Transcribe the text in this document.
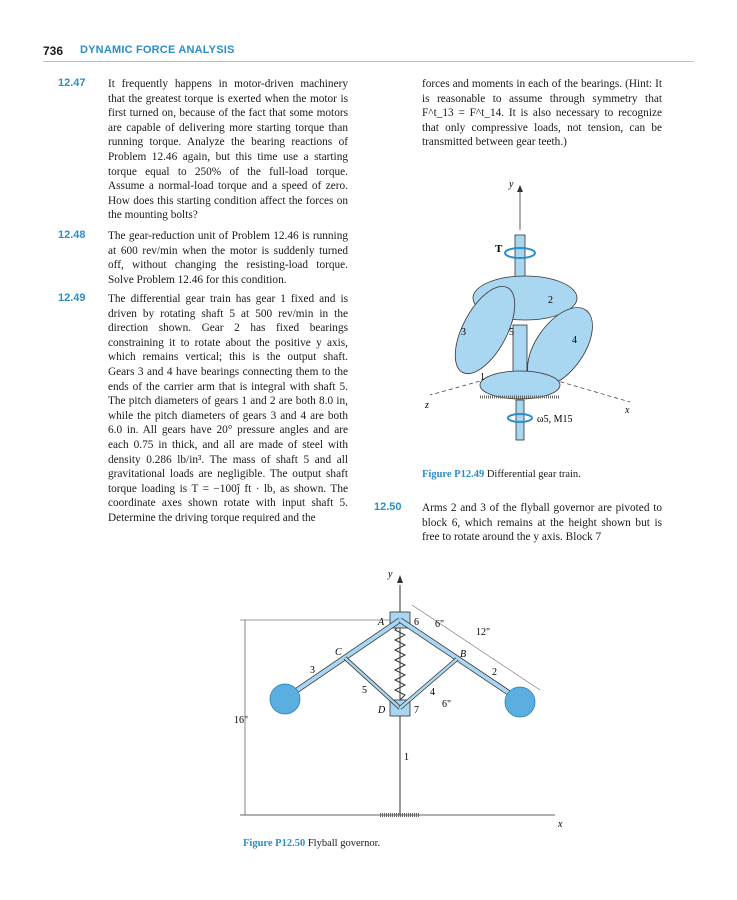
736 DYNAMIC FORCE ANALYSIS
12.47 It frequently happens in motor-driven machinery that the greatest torque is exerted when the motor is first turned on, because of the fact that some motors are capable of delivering more starting torque than running torque. Analyze the bearing reactions of Problem 12.46 again, but this time use a starting torque equal to 250% of the full-load torque. Assume a normal-load torque and a speed of zero. How does this starting condition affect the forces on the mounting bolts?
12.48 The gear-reduction unit of Problem 12.46 is running at 600 rev/min when the motor is suddenly turned off, without changing the resisting-load torque. Solve Problem 12.46 for this condition.
12.49 The differential gear train has gear 1 fixed and is driven by rotating shaft 5 at 500 rev/min in the direction shown. Gear 2 has fixed bearings constraining it to rotate about the positive y axis, which remains vertical; this is the output shaft. Gears 3 and 4 have bearings connecting them to the ends of the carrier arm that is integral with shaft 5. The pitch diameters of gears 1 and 2 are both 8.0 in, while the pitch diameters of gears 3 and 4 are both 6.0 in. All gears have 20° pressure angles and are each 0.75 in thick, and all are made of steel with density 0.286 lb/in³. The mass of shaft 5 and all gravitational loads are negligible. The output shaft torque loading is T = −100ĵ ft · lb, as shown. The coordinate axes shown rotate with input shaft 5. Determine the driving torque required and the
forces and moments in each of the bearings. (Hint: It is reasonable to assume through symmetry that F^t_13 = F^t_14. It is also necessary to recognize that only compressive loads, not tension, can be transmitted between gear teeth.)
y
z	x
T
2
3	5
4
1
ω5, M15
Figure P12.49 Differential gear train.
12.50 Arms 2 and 3 of the flyball governor are pivoted to block 6, which remains at the height shown but is free to rotate around the y axis. Block 7
y
1
x
6
A
7
D
3	2
5	4
C	B
16"
12"
6"
6"
Figure P12.50 Flyball governor.
